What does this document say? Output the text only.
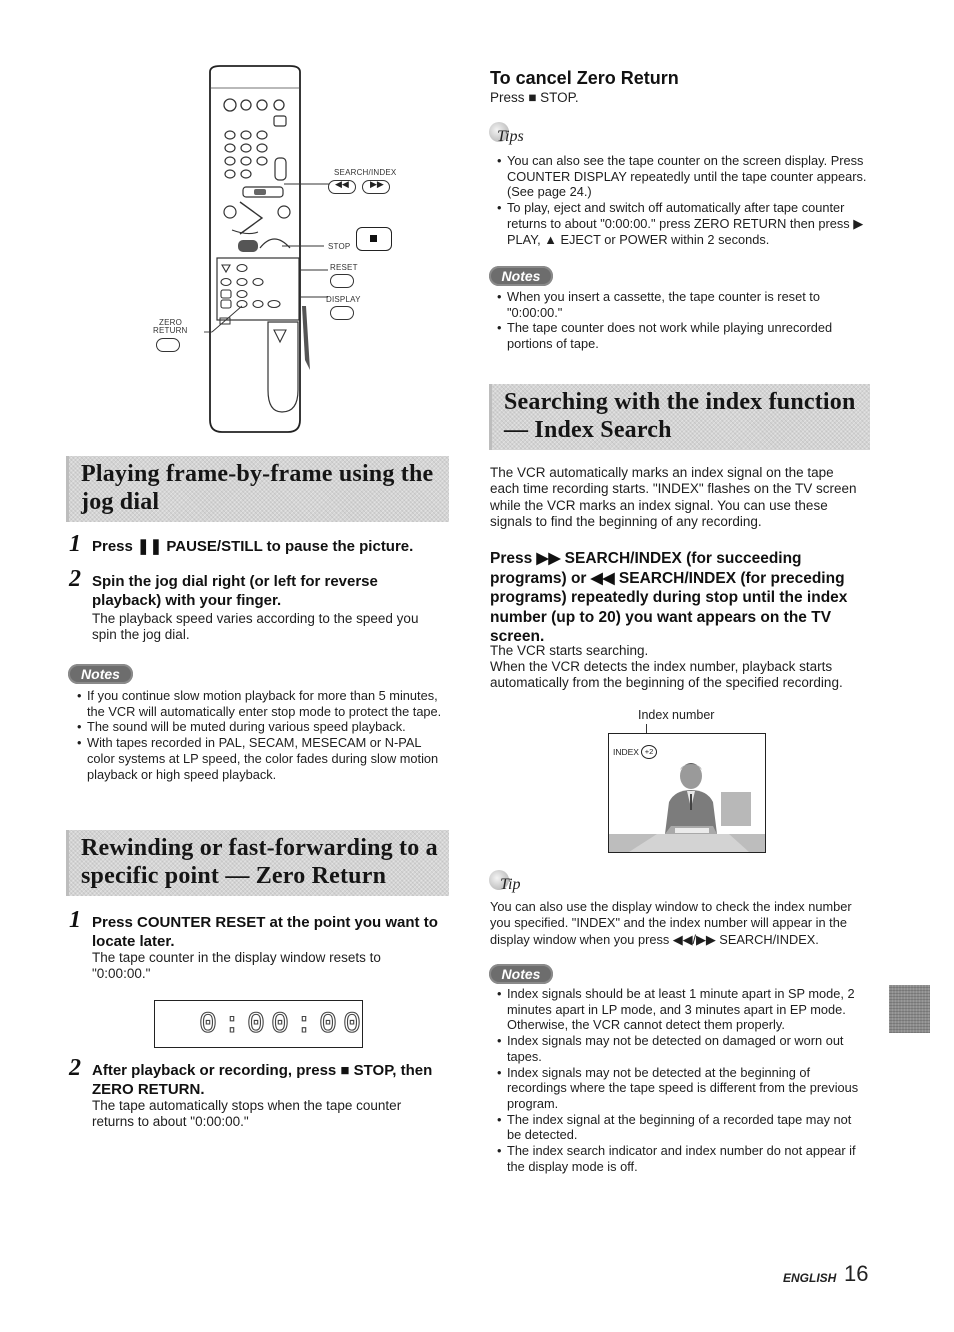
SEARCH/INDEX
◀◀ ▶▶
STOP
RESET
DISPLAY
ZERO
RETURN
To cancel Zero Return
Press ■ STOP.
Tips
• You can also see the tape counter on the screen display. Press COUNTER DISPLAY repeatedly until the tape counter appears. (See page 24.)
• To play, eject and switch off automatically after tape counter returns to about "0:00:00." press ZERO RETURN then press ▶ PLAY, ▲ EJECT or POWER within 2 seconds.
Notes
• When you insert a cassette, the tape counter is reset to "0:00:00."
• The tape counter does not work while playing unrecorded portions of tape.
Searching with the index function
— Index Search
The VCR automatically marks an index signal on the tape each time recording starts. "INDEX" flashes on the TV screen while the VCR marks an index signal. You can use these signals to find the beginning of any recording.
Press ▶▶ SEARCH/INDEX (for succeeding programs) or ◀◀ SEARCH/INDEX (for preceding programs) repeatedly during stop until the index number (up to 20) you want appears on the TV screen.
The VCR starts searching.
When the VCR detects the index number, playback starts automatically from the beginning of the specified recording.
Index number
INDEX +2
Tip
You can also use the display window to check the index number you specified. "INDEX" and the index number will appear in the display window when you press ◀◀/▶▶ SEARCH/INDEX.
Notes
• Index signals should be at least 1 minute apart in SP mode, 2 minutes apart in LP mode, and 3 minutes apart in EP mode. Otherwise, the VCR cannot detect them properly.
• Index signals may not be detected on damaged or worn out tapes.
• Index signals may not be detected at the beginning of recordings where the tape speed is different from the previous program.
• The index signal at the beginning of a recorded tape may not be detected.
• The index search indicator and index number do not appear if the display mode is off.
Playing frame-by-frame using the
jog dial
1 Press ❚❚ PAUSE/STILL to pause the picture.
2 Spin the jog dial right (or left for reverse playback) with your finger.
The playback speed varies according to the speed you spin the jog dial.
Notes
• If you continue slow motion playback for more than 5 minutes, the VCR will automatically enter stop mode to protect the tape.
• The sound will be muted during various speed playback.
• With tapes recorded in PAL, SECAM, MESECAM or N-PAL color systems at LP speed, the color fades during slow motion playback or high speed playback.
Rewinding or fast-forwarding to a
specific point — Zero Return
1 Press COUNTER RESET at the point you want to locate later.
The tape counter in the display window resets to "0:00:00."
0:00:00
2 After playback or recording, press ■ STOP, then ZERO RETURN.
The tape automatically stops when the tape counter returns to about "0:00:00."
ENGLISH 16
